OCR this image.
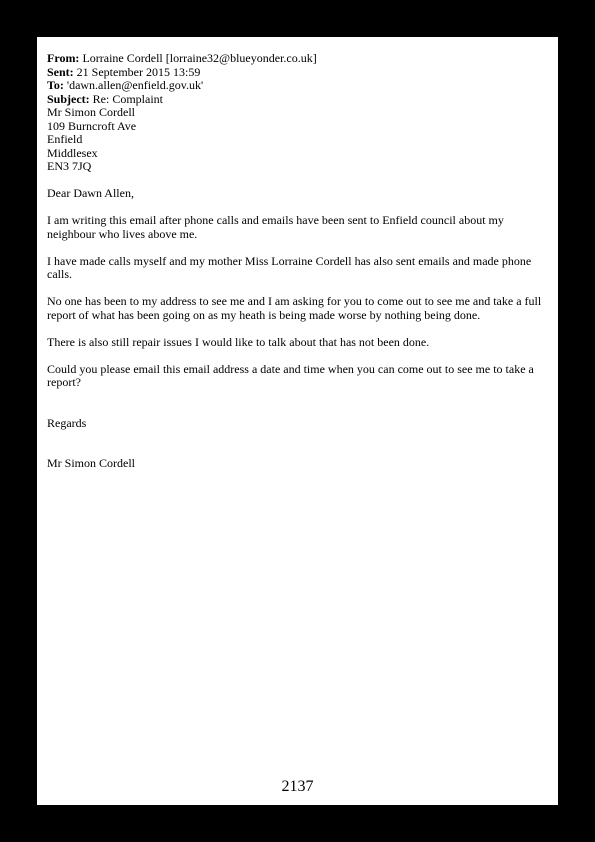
From: Lorraine Cordell [lorraine32@blueyonder.co.uk]
Sent: 21 September 2015 13:59
To: 'dawn.allen@enfield.gov.uk'
Subject: Re: Complaint
Mr Simon Cordell
109 Burncroft Ave
Enfield
Middlesex
EN3 7JQ
Dear Dawn Allen,

I am writing this email after phone calls and emails have been sent to Enfield council about my neighbour who lives above me.

I have made calls myself and my mother Miss Lorraine Cordell has also sent emails and made phone calls.

No one has been to my address to see me and I am asking for you to come out to see me and take a full report of what has been going on as my heath is being made worse by nothing being done.

There is also still repair issues I would like to talk about that has not been done.

Could you please email this email address a date and time when you can come out to see me to take a report?

Regards
Mr Simon Cordell
2137
